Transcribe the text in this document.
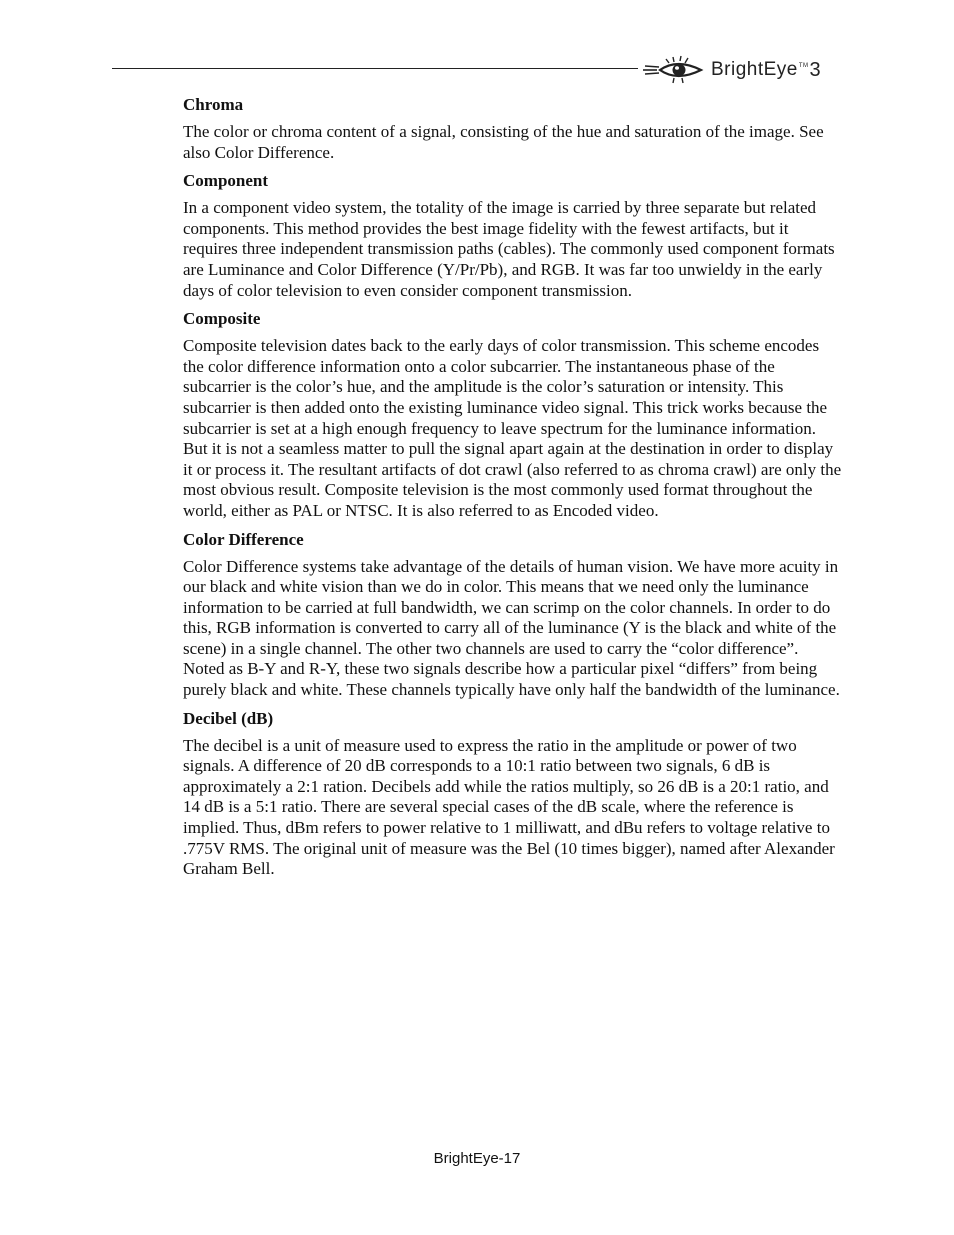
BrightEye TM 3

Chroma

The color or chroma content of a signal, consisting of the hue and saturation of the image. See also Color Difference.

Component

In a component video system, the totality of the image is carried by three separate but related components. This method provides the best image fidelity with the fewest artifacts, but it requires three independent transmission paths (cables). The commonly used component formats are Luminance and Color Difference (Y/Pr/Pb), and RGB. It was far too unwieldy in the early days of color television to even consider component transmission.

Composite

Composite television dates back to the early days of color transmission. This scheme encodes the color difference information onto a color subcarrier. The instantaneous phase of the subcarrier is the color’s hue, and the amplitude is the color’s saturation or intensity. This subcarrier is then added onto the existing luminance video signal. This trick works because the subcarrier is set at a high enough frequency to leave spectrum for the luminance information. But it is not a seamless matter to pull the signal apart again at the destination in order to display it or process it. The resultant artifacts of dot crawl (also referred to as chroma crawl) are only the most obvious result. Composite television is the most commonly used format throughout the world, either as PAL or NTSC. It is also referred to as Encoded video.

Color Difference

Color Difference systems take advantage of the details of human vision. We have more acuity in our black and white vision than we do in color. This means that we need only the luminance information to be carried at full bandwidth, we can scrimp on the color channels. In order to do this, RGB information is converted to carry all of the luminance (Y is the black and white of the scene) in a single channel. The other two channels are used to carry the “color difference”. Noted as B-Y and R-Y, these two signals describe how a particular pixel “differs” from being purely black and white. These channels typically have only half the bandwidth of the luminance.

Decibel (dB)

The decibel is a unit of measure used to express the ratio in the amplitude or power of two signals. A difference of 20 dB corresponds to a 10:1 ratio between two signals, 6 dB is approximately a 2:1 ration. Decibels add while the ratios multiply, so 26 dB is a 20:1 ratio, and 14 dB is a 5:1 ratio. There are several special cases of the dB scale, where the reference is implied. Thus, dBm refers to power relative to 1 milliwatt, and dBu refers to voltage relative to .775V RMS. The original unit of measure was the Bel (10 times bigger), named after Alexander Graham Bell.

BrightEye-17
